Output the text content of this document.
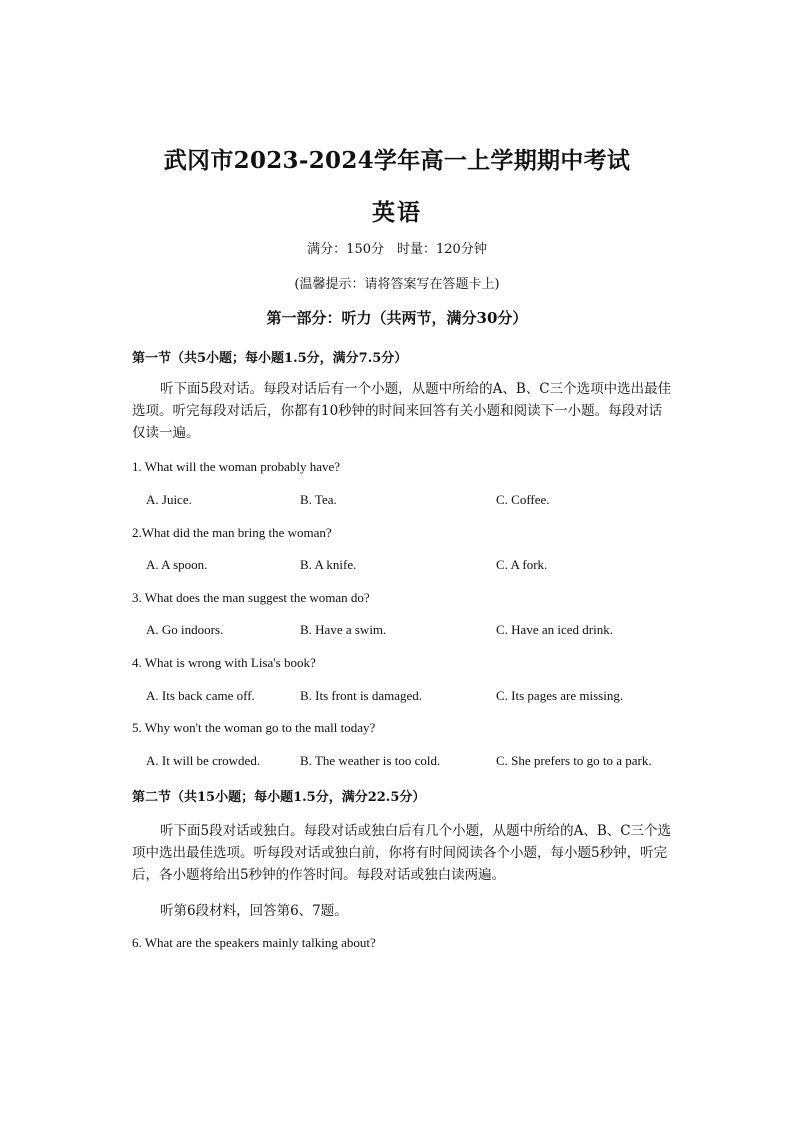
武冈市2023-2024学年高一上学期期中考试
英语
满分：150分　时量：120分钟
(温馨提示：请将答案写在答题卡上)
第一部分：听力（共两节，满分30分）
第一节（共5小题；每小题1.5分，满分7.5分）
听下面5段对话。每段对话后有一个小题，从题中所给的A、B、C三个选项中选出最佳选项。听完每段对话后，你都有10秒钟的时间来回答有关小题和阅读下一小题。每段对话仅读一遍。
1. What will the woman probably have?
A. Juice.	B. Tea.	C. Coffee.
2.What did the man bring the woman?
A. A spoon.	B. A knife.	C. A fork.
3. What does the man suggest the woman do?
A. Go indoors.	B. Have a swim.	C. Have an iced drink.
4. What is wrong with Lisa's book?
A. Its back came off.	B. Its front is damaged.	C. Its pages are missing.
5. Why won't the woman go to the mall today?
A. It will be crowded.	B. The weather is too cold.	C. She prefers to go to a park.
第二节（共15小题；每小题1.5分，满分22.5分）
听下面5段对话或独白。每段对话或独白后有几个小题，从题中所给的A、B、C三个选项中选出最佳选项。听每段对话或独白前，你将有时间阅读各个小题，每小题5秒钟，听完后，各小题将给出5秒钟的作答时间。每段对话或独白读两遍。
听第6段材料，回答第6、7题。
6. What are the speakers mainly talking about?
